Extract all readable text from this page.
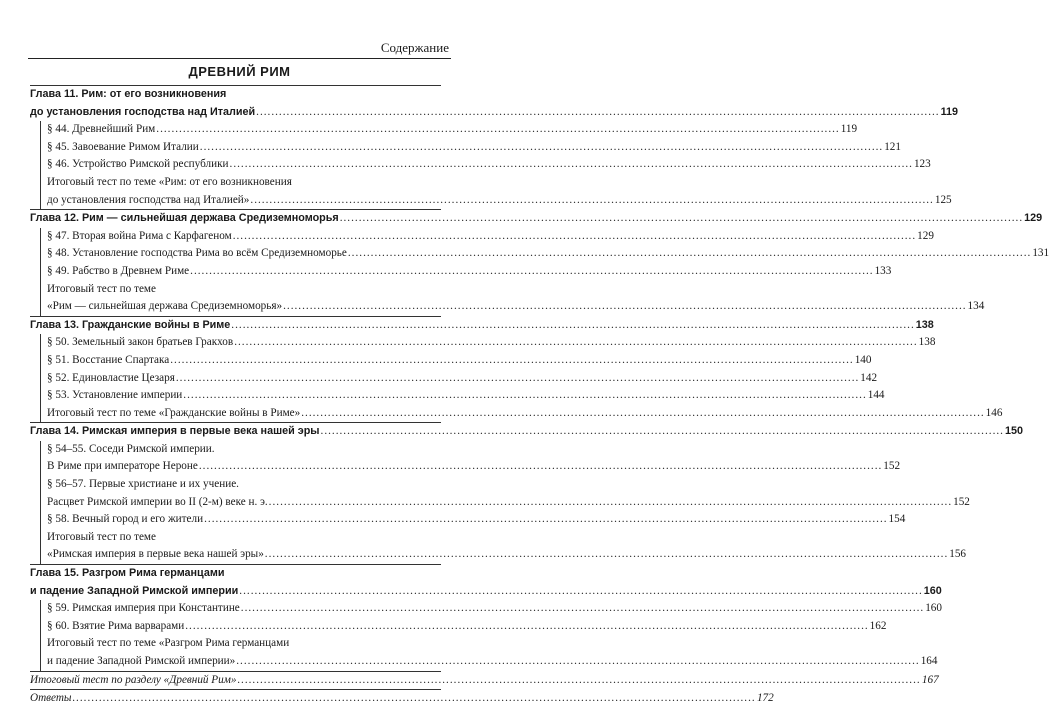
Содержание
ДРЕВНИЙ РИМ
Глава 11. Рим: от его возникновения
до установления господства над Италией .....	119
§ 44. Древнейший Рим .....	119
§ 45. Завоевание Римом Италии .....	121
§ 46. Устройство Римской республики .....	123
Итоговый тест по теме «Рим: от его возникновения
до установления господства над Италией» .....	125
Глава 12. Рим — сильнейшая держава Средиземноморья .....	129
§ 47. Вторая война Рима с Карфагеном .....	129
§ 48. Установление господства Рима во всём Средиземноморье .....	131
§ 49. Рабство в Древнем Риме .....	133
Итоговый тест по теме
«Рим — сильнейшая держава Средиземноморья» .....	134
Глава 13. Гражданские войны в Риме .....	138
§ 50. Земельный закон братьев Гракхов .....	138
§ 51. Восстание Спартака .....	140
§ 52. Единовластие Цезаря .....	142
§ 53. Установление империи .....	144
Итоговый тест по теме «Гражданские войны в Риме» .....	146
Глава 14. Римская империя в первые века нашей эры .....	150
§ 54–55. Соседи Римской империи.
В Риме при императоре Нероне .....	152
§ 56–57. Первые христиане и их учение.
Расцвет Римской империи во II (2-м) веке н. э. .....	152
§ 58. Вечный город и его жители .....	154
Итоговый тест по теме
«Римская империя в первые века нашей эры» .....	156
Глава 15. Разгром Рима германцами
и падение Западной Римской империи .....	160
§ 59. Римская империя при Константине .....	160
§ 60. Взятие Рима варварами .....	162
Итоговый тест по теме «Разгром Рима германцами
и падение Западной Римской империи» .....	164
Итоговый тест по разделу «Древний Рим» .....	167
Ответы .....	172
